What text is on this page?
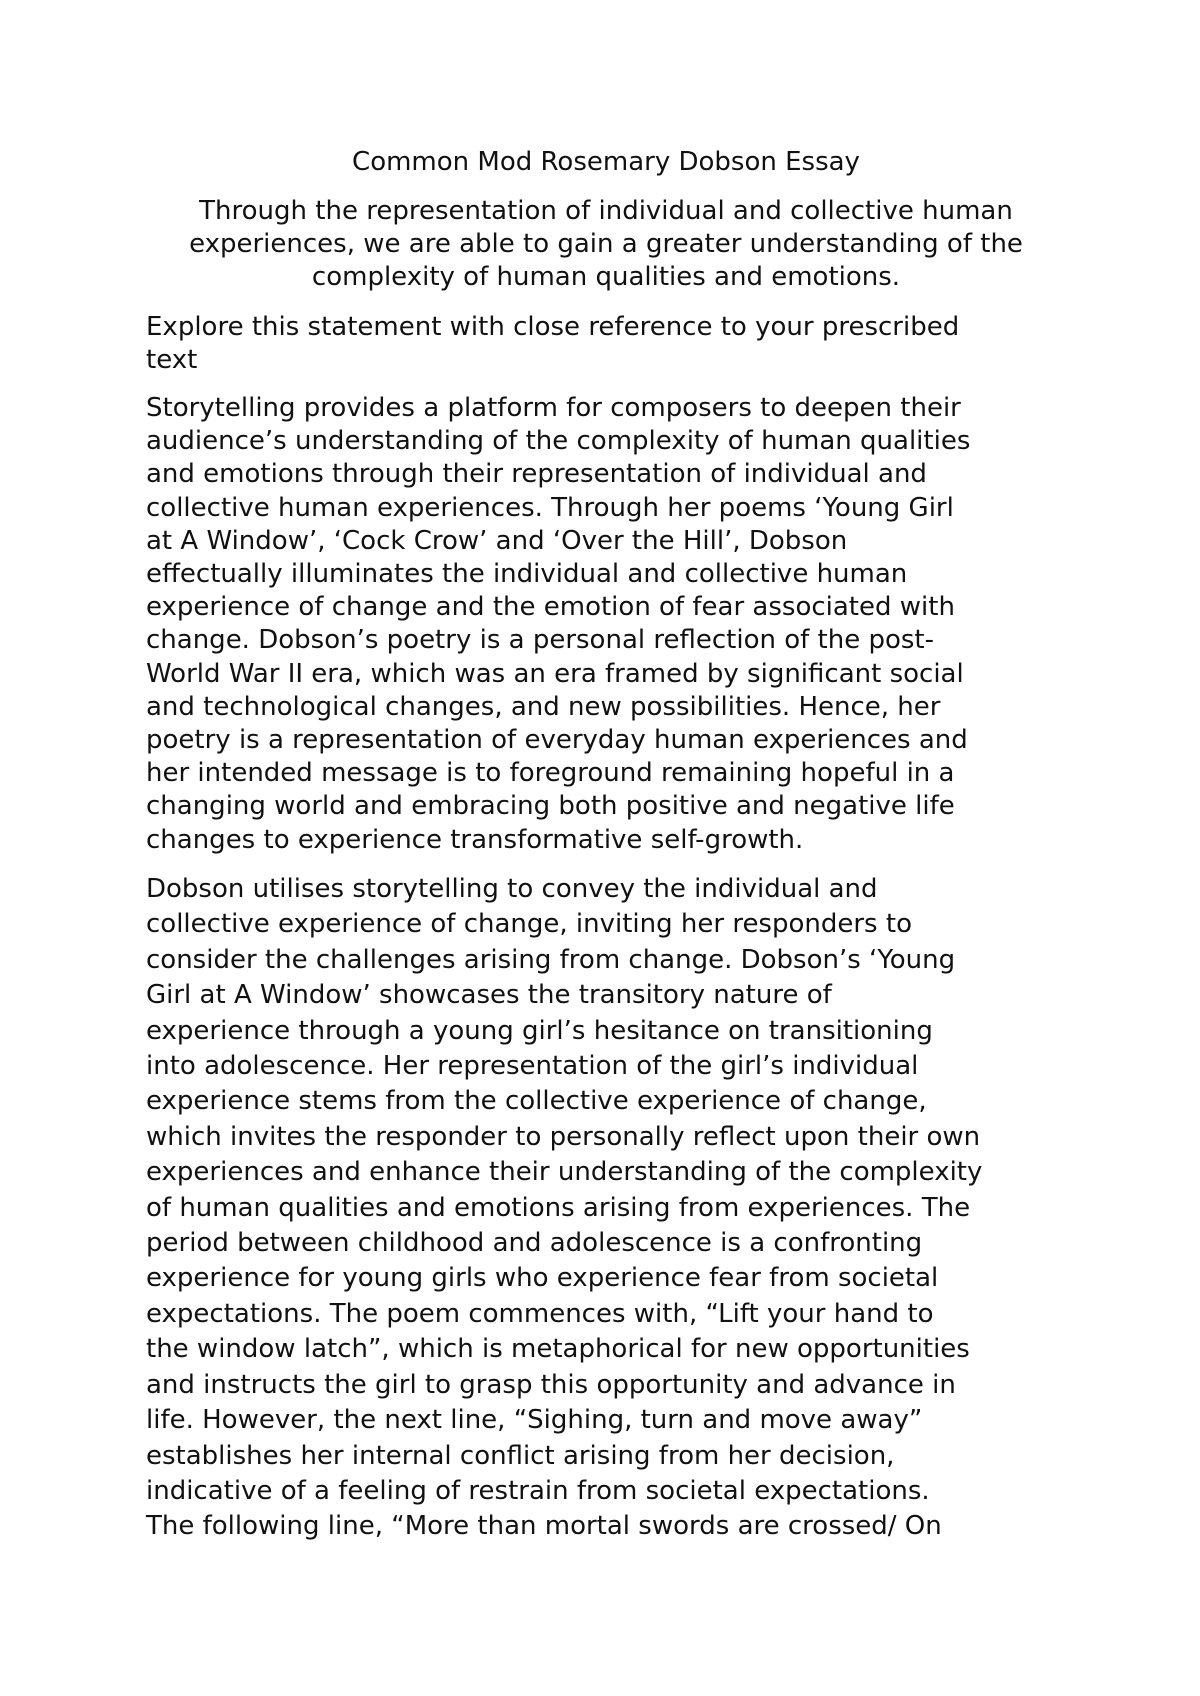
Common Mod Rosemary Dobson Essay

Through the representation of individual and collective human
experiences, we are able to gain a greater understanding of the
complexity of human qualities and emotions.

Explore this statement with close reference to your prescribed
text

Storytelling provides a platform for composers to deepen their
audience’s understanding of the complexity of human qualities
and emotions through their representation of individual and
collective human experiences. Through her poems ‘Young Girl
at A Window’, ‘Cock Crow’ and ‘Over the Hill’, Dobson
effectually illuminates the individual and collective human
experience of change and the emotion of fear associated with
change. Dobson’s poetry is a personal reflection of the post-
World War II era, which was an era framed by significant social
and technological changes, and new possibilities. Hence, her
poetry is a representation of everyday human experiences and
her intended message is to foreground remaining hopeful in a
changing world and embracing both positive and negative life
changes to experience transformative self-growth.

Dobson utilises storytelling to convey the individual and
collective experience of change, inviting her responders to
consider the challenges arising from change. Dobson’s ‘Young
Girl at A Window’ showcases the transitory nature of
experience through a young girl’s hesitance on transitioning
into adolescence. Her representation of the girl’s individual
experience stems from the collective experience of change,
which invites the responder to personally reflect upon their own
experiences and enhance their understanding of the complexity
of human qualities and emotions arising from experiences. The
period between childhood and adolescence is a confronting
experience for young girls who experience fear from societal
expectations. The poem commences with, “Lift your hand to
the window latch”, which is metaphorical for new opportunities
and instructs the girl to grasp this opportunity and advance in
life. However, the next line, “Sighing, turn and move away”
establishes her internal conflict arising from her decision,
indicative of a feeling of restrain from societal expectations.
The following line, “More than mortal swords are crossed/ On
